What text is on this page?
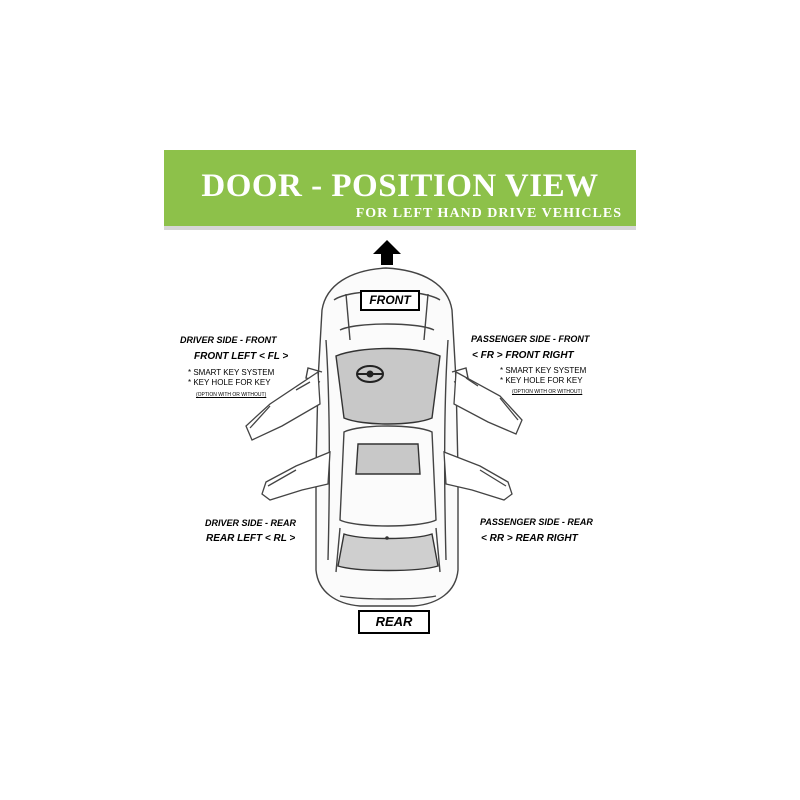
DOOR - POSITION VIEW
FOR LEFT HAND DRIVE VEHICLES
FRONT
REAR
DRIVER SIDE - FRONT
FRONT LEFT < FL >
* SMART KEY SYSTEM
* KEY HOLE FOR KEY
(OPTION WITH OR WITHOUT)
PASSENGER SIDE - FRONT
< FR > FRONT RIGHT
* SMART KEY SYSTEM
* KEY HOLE FOR KEY
(OPTION WITH OR WITHOUT)
DRIVER SIDE - REAR
REAR LEFT < RL >
PASSENGER SIDE - REAR
< RR > REAR RIGHT
